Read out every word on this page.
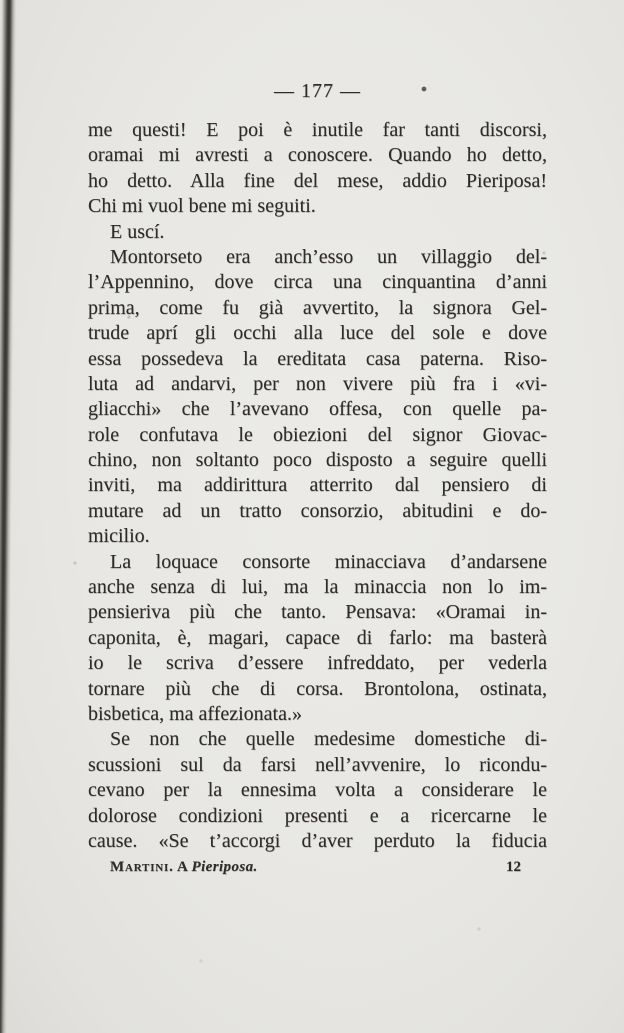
— 177 —
me questi! E poi è inutile far tanti discorsi,
oramai mi avresti a conoscere. Quando ho detto,
ho detto. Alla fine del mese, addio Pieriposa!
Chi mi vuol bene mi seguiti.
E uscí.
Montorseto era anch’esso un villaggio del-
l’Appennino, dove circa una cinquantina d’anni
prima, come fu già avvertito, la signora Gel-
trude aprí gli occhi alla luce del sole e dove
essa possedeva la ereditata casa paterna. Riso-
luta ad andarvi, per non vivere più fra i «vi-
gliacchi» che l’avevano offesa, con quelle pa-
role confutava le obiezioni del signor Giovac-
chino, non soltanto poco disposto a seguire quelli
inviti, ma addirittura atterrito dal pensiero di
mutare ad un tratto consorzio, abitudini e do-
micilio.
La loquace consorte minacciava d’andarsene
anche senza di lui, ma la minaccia non lo im-
pensieriva più che tanto. Pensava: «Oramai in-
caponita, è, magari, capace di farlo: ma basterà
io le scriva d’essere infreddato, per vederla
tornare più che di corsa. Brontolona, ostinata,
bisbetica, ma affezionata.»
Se non che quelle medesime domestiche di-
scussioni sul da farsi nell’avvenire, lo ricondu-
cevano per la ennesima volta a considerare le
dolorose condizioni presenti e a ricercarne le
cause. «Se t’accorgi d’aver perduto la fiducia
Martini. A Pieriposa.	12
